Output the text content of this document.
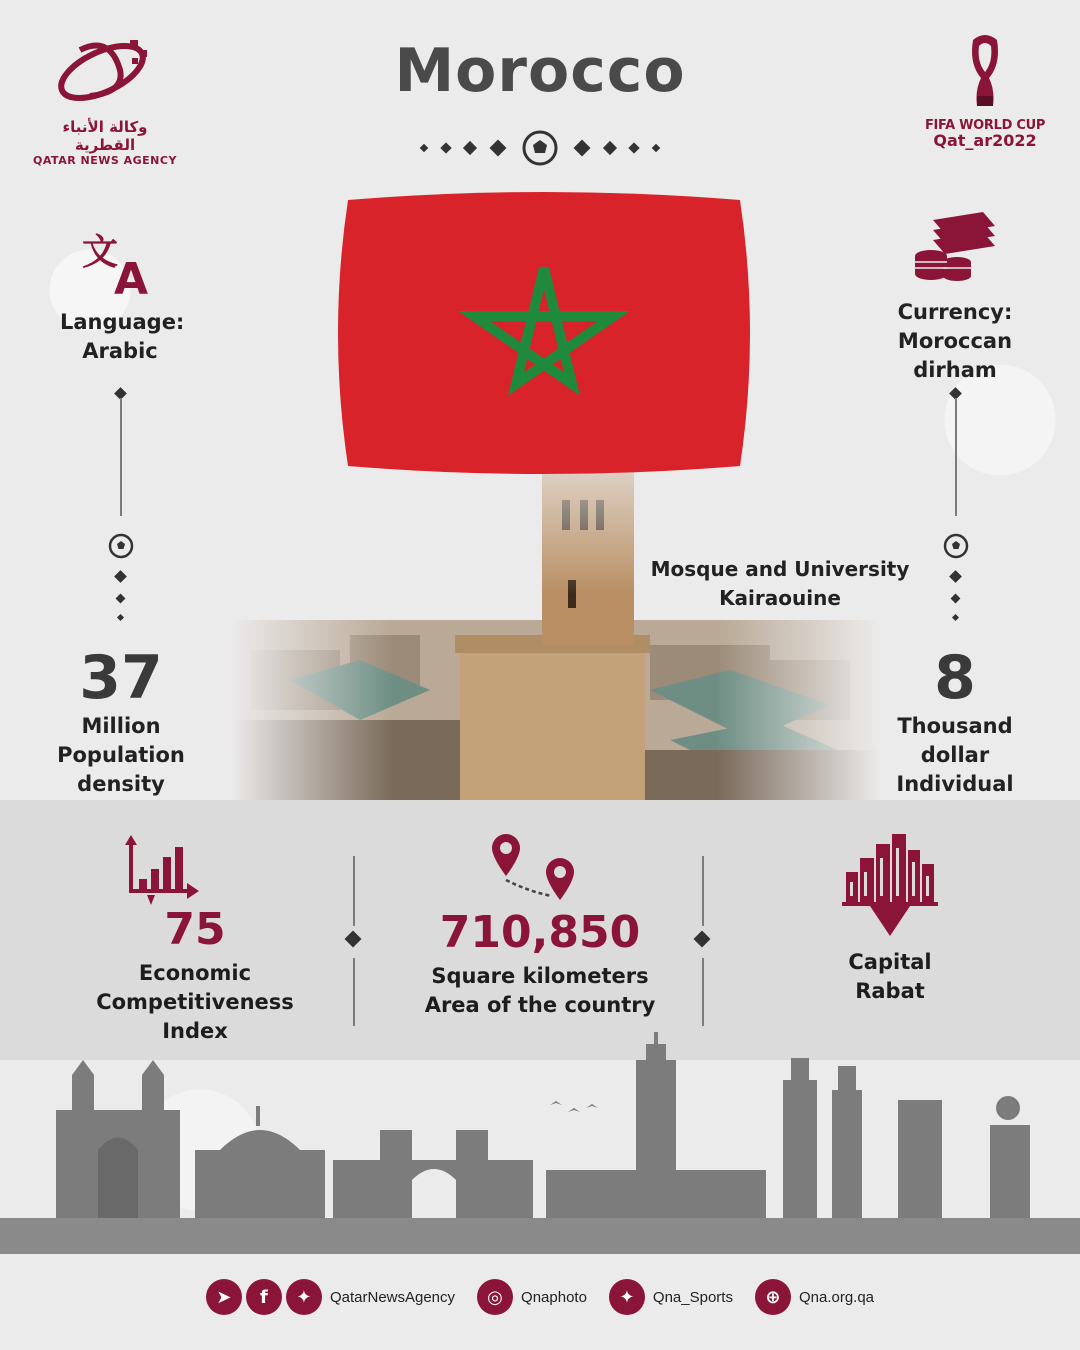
وكالة الأنباء القطرية
QATAR NEWS AGENCY
Morocco
FIFA WORLD CUP
Qat_ar2022
文
A
Language:
Arabic
37
Million
Population
density
Currency:
Moroccan
dirham
Mosque and University
Kairaouine
8
Thousand dollar
Individual
75
Economic
Competitiveness Index
710,850
Square kilometers
Area of the country
Capital
Rabat
➤	f	✦	QatarNewsAgency	◎	Qnaphoto	✦	Qna_Sports	⊕	Qna.org.qa
